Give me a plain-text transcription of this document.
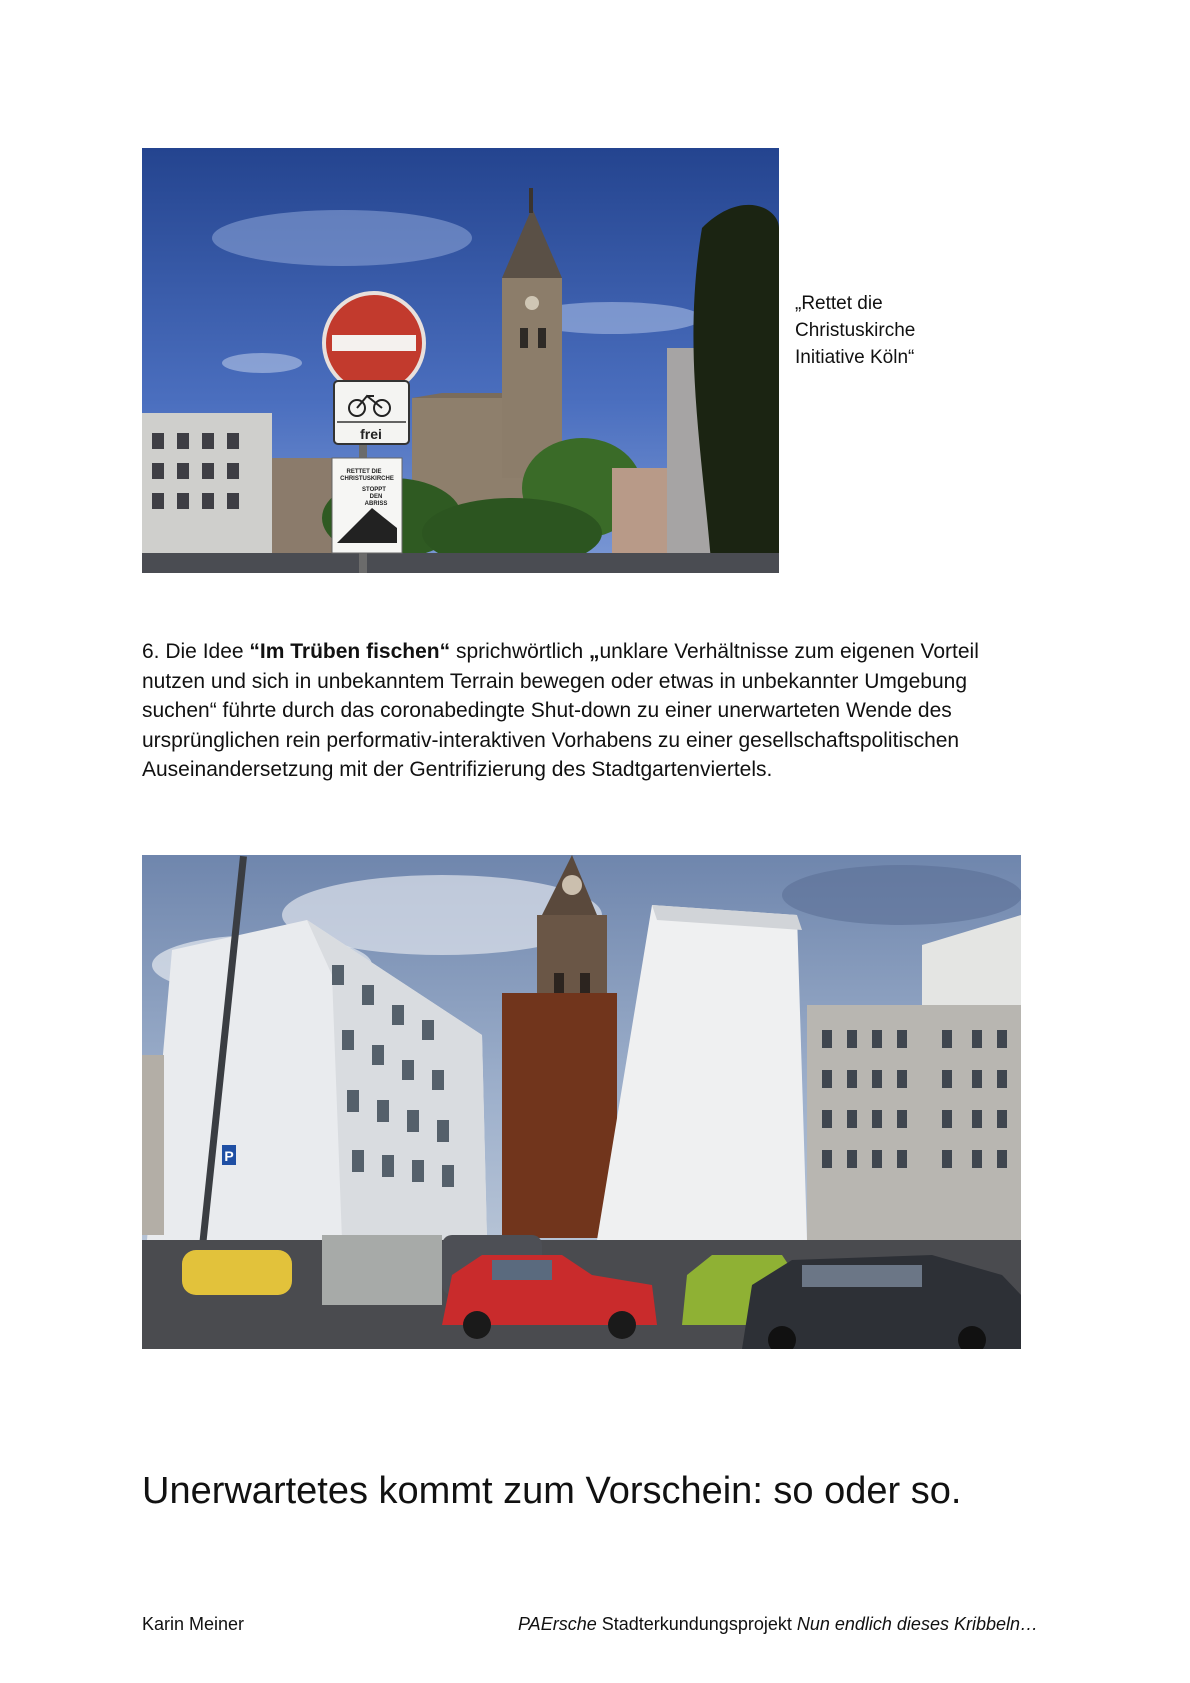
frei
RETTET DIE
CHRISTUSKIRCHE
STOPPT
DEN
ABRISS
„Rettet die
Christuskirche
Initiative Köln“
6. Die Idee “Im Trüben fischen“ sprichwörtlich „unklare Verhältnisse zum eigenen Vorteil nutzen und sich in unbekanntem Terrain bewegen oder etwas in unbekannter Umgebung suchen“ führte durch das coronabedingte Shut-down zu einer unerwarteten Wende des ursprünglichen rein performativ-interaktiven Vorhabens zu einer gesellschaftspolitischen Auseinandersetzung mit der Gentrifizierung des Stadtgartenviertels.
P
Unerwartetes kommt zum Vorschein: so oder so.
Karin Meiner	PAErsche Stadterkundungsprojekt Nun endlich dieses Kribbeln…
